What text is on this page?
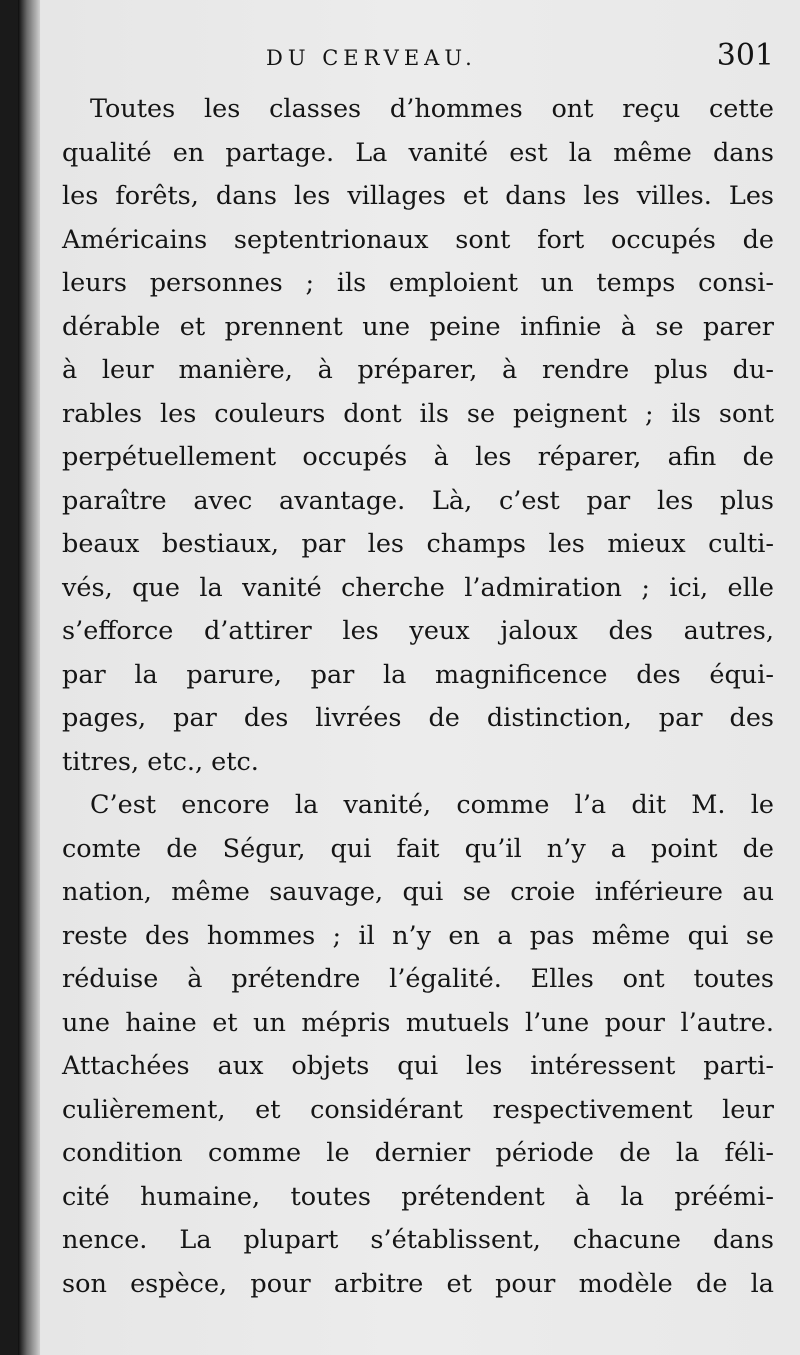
DU CERVEAU.	301
Toutes les classes d’hommes ont reçu cette
qualité en partage. La vanité est la même dans
les forêts, dans les villages et dans les villes. Les
Américains septentrionaux sont fort occupés de
leurs personnes ; ils emploient un temps consi-
dérable et prennent une peine infinie à se parer
à leur manière, à préparer, à rendre plus du-
rables les couleurs dont ils se peignent ; ils sont
perpétuellement occupés à les réparer, afin de
paraître avec avantage. Là, c’est par les plus
beaux bestiaux, par les champs les mieux culti-
vés, que la vanité cherche l’admiration ; ici, elle
s’efforce d’attirer les yeux jaloux des autres,
par la parure, par la magnificence des équi-
pages, par des livrées de distinction, par des
titres, etc., etc.
C’est encore la vanité, comme l’a dit M. le
comte de Ségur, qui fait qu’il n’y a point de
nation, même sauvage, qui se croie inférieure au
reste des hommes ; il n’y en a pas même qui se
réduise à prétendre l’égalité. Elles ont toutes
une haine et un mépris mutuels l’une pour l’autre.
Attachées aux objets qui les intéressent parti-
culièrement, et considérant respectivement leur
condition comme le dernier période de la féli-
cité humaine, toutes prétendent à la préémi-
nence. La plupart s’établissent, chacune dans
son espèce, pour arbitre et pour modèle de la
